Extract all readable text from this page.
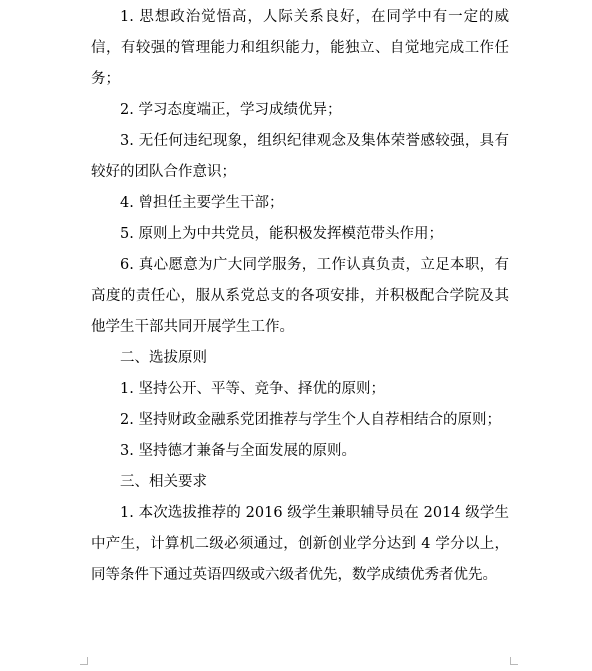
1. 思想政治觉悟高，人际关系良好，在同学中有一定的威信，有较强的管理能力和组织能力，能独立、自觉地完成工作任务；

2. 学习态度端正，学习成绩优异；

3. 无任何违纪现象，组织纪律观念及集体荣誉感较强，具有较好的团队合作意识；

4. 曾担任主要学生干部；

5. 原则上为中共党员，能积极发挥模范带头作用；

6. 真心愿意为广大同学服务，工作认真负责，立足本职，有高度的责任心，服从系党总支的各项安排，并积极配合学院及其他学生干部共同开展学生工作。

二、选拔原则

1. 坚持公开、平等、竞争、择优的原则；

2. 坚持财政金融系党团推荐与学生个人自荐相结合的原则；

3. 坚持德才兼备与全面发展的原则。

三、相关要求

1. 本次选拔推荐的 2016 级学生兼职辅导员在 2014 级学生中产生，计算机二级必须通过，创新创业学分达到 4 学分以上，同等条件下通过英语四级或六级者优先，数学成绩优秀者优先。
